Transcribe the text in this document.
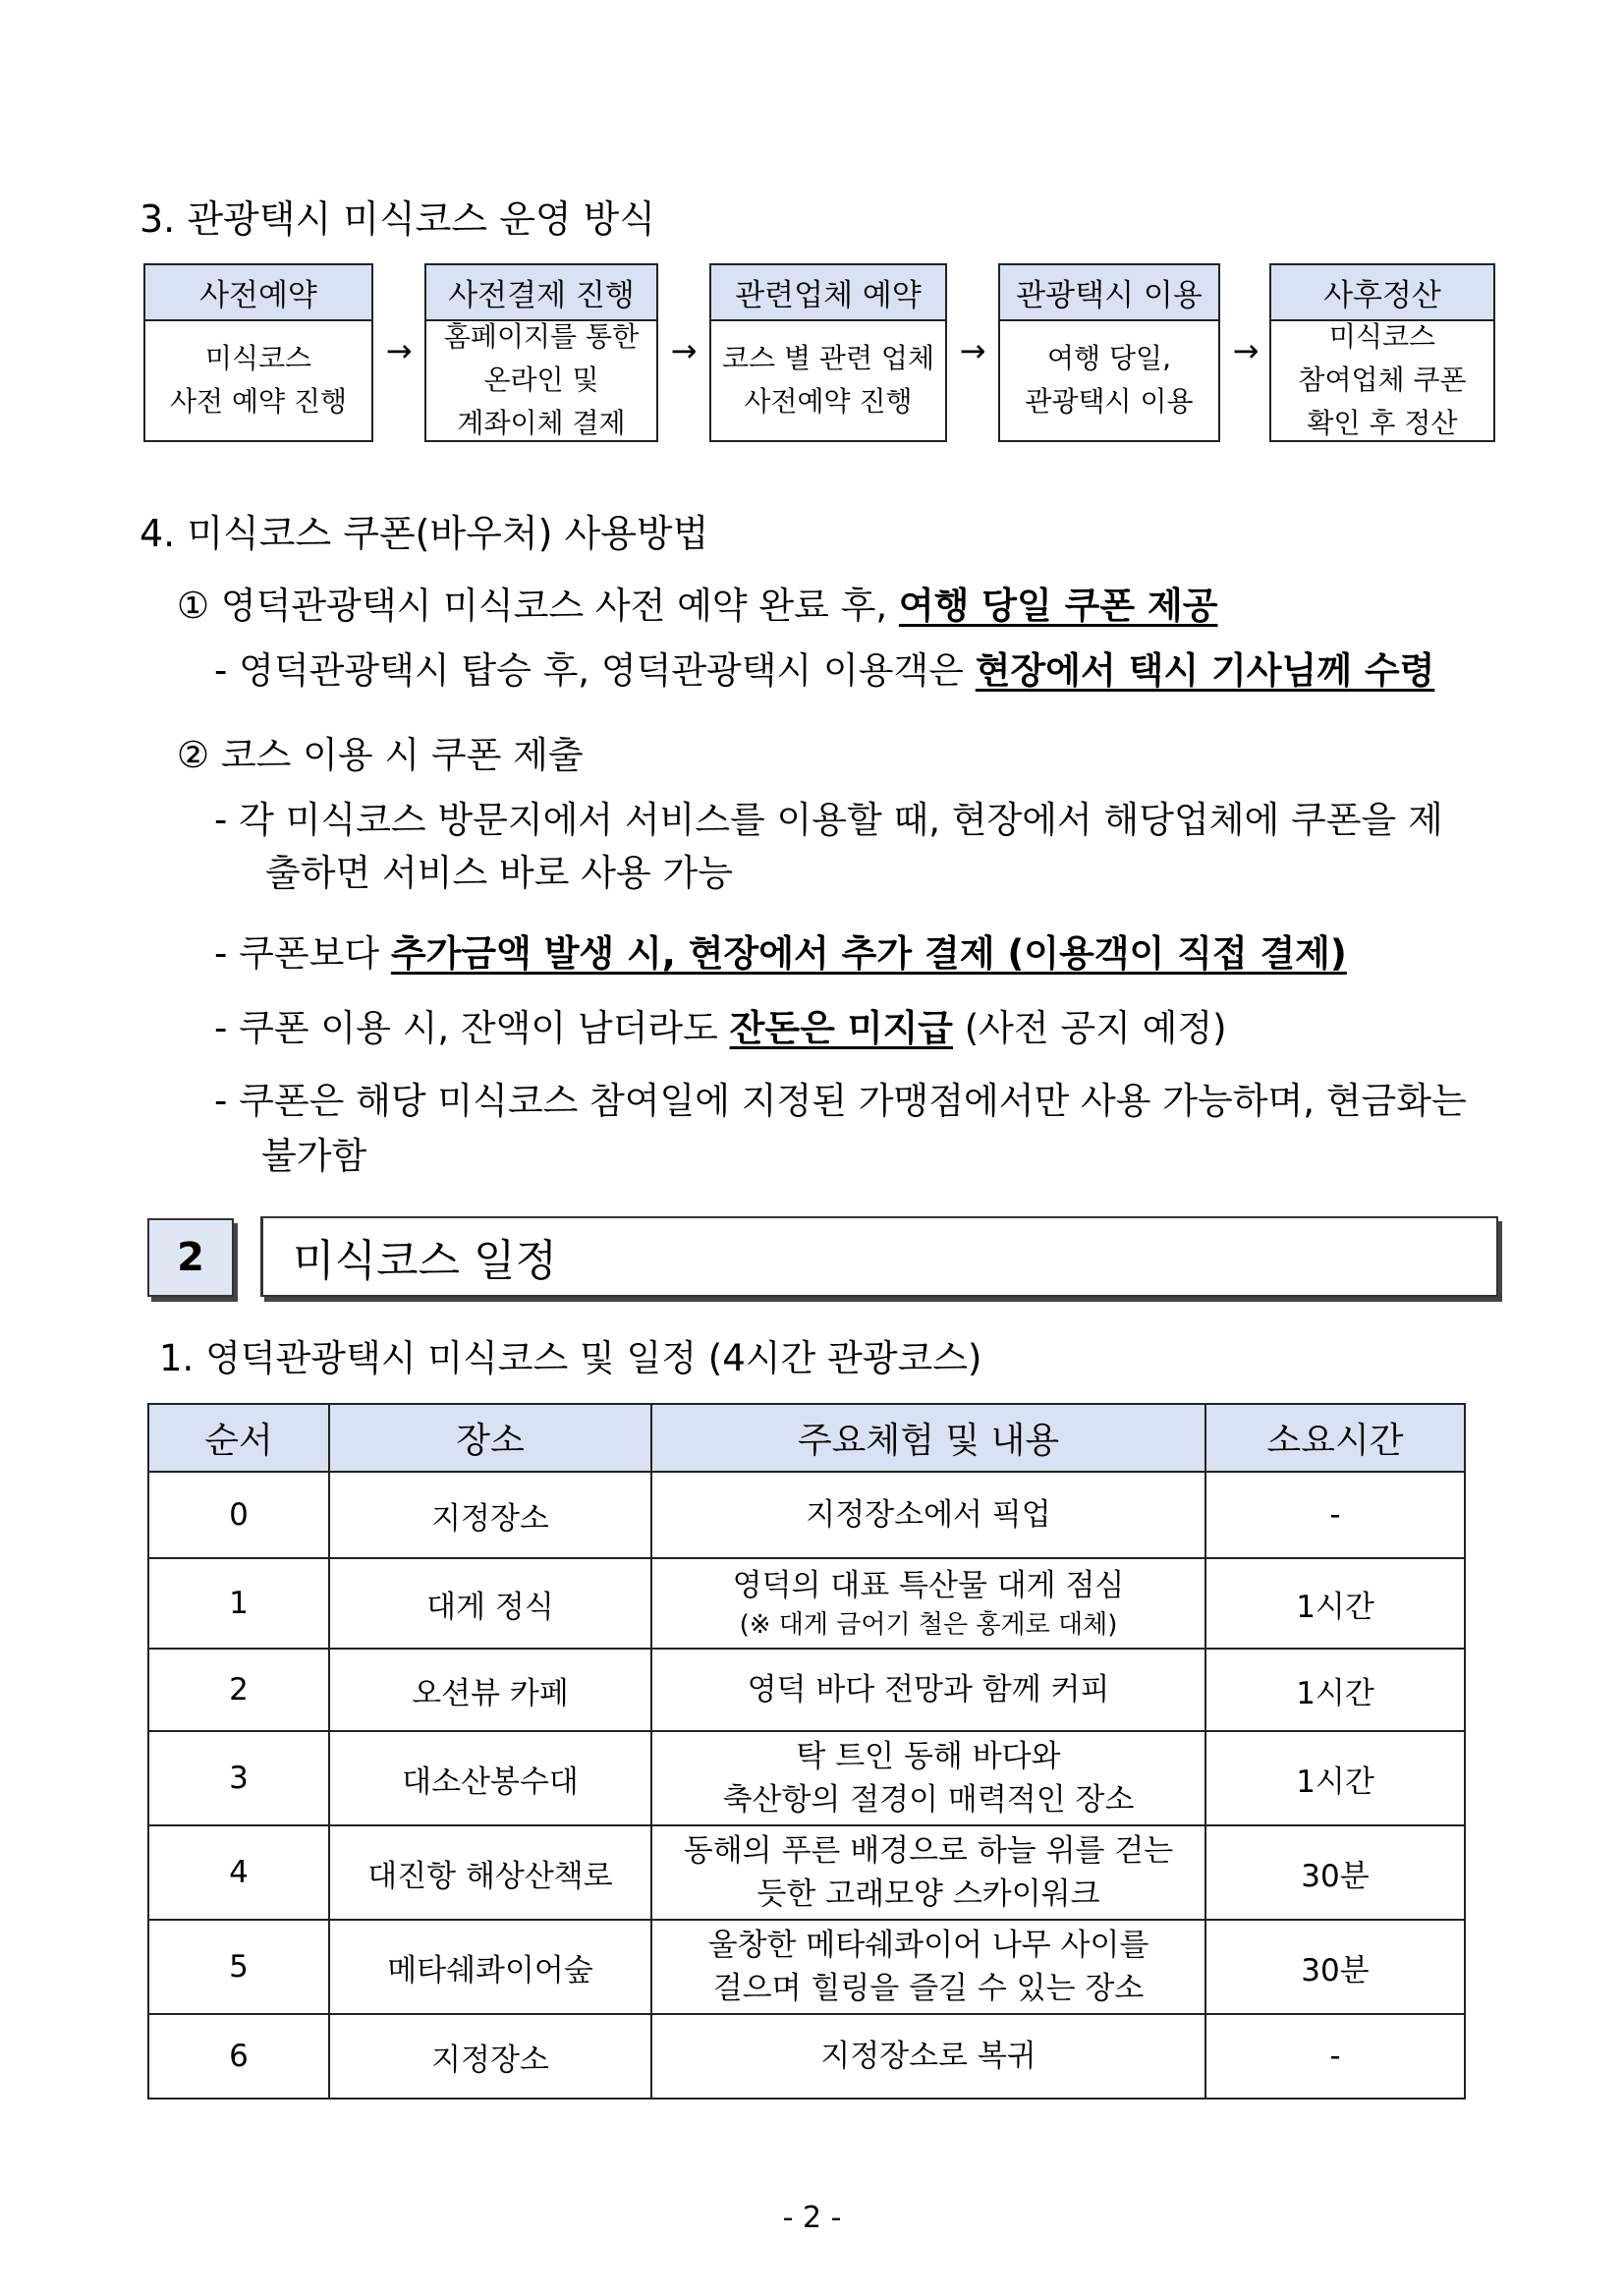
3. 관광택시 미식코스 운영 방식
사전예약
미식코스
사전 예약 진행
→
사전결제 진행
홈페이지를 통한
온라인 및
계좌이체 결제
→
관련업체 예약
코스 별 관련 업체
사전예약 진행
→
관광택시 이용
여행 당일,
관광택시 이용
→
사후정산
미식코스
참여업체 쿠폰
확인 후 정산
4. 미식코스 쿠폰(바우처) 사용방법
① 영덕관광택시 미식코스 사전 예약 완료 후, 여행 당일 쿠폰 제공
- 영덕관광택시 탑승 후, 영덕관광택시 이용객은 현장에서 택시 기사님께 수령
② 코스 이용 시 쿠폰 제출
- 각 미식코스 방문지에서 서비스를 이용할 때, 현장에서 해당업체에 쿠폰을 제
출하면 서비스 바로 사용 가능
- 쿠폰보다 추가금액 발생 시, 현장에서 추가 결제 (이용객이 직접 결제)
- 쿠폰 이용 시, 잔액이 남더라도 잔돈은 미지급 (사전 공지 예정)
- 쿠폰은 해당 미식코스 참여일에 지정된 가맹점에서만 사용 가능하며, 현금화는
불가함
2	미식코스 일정
1. 영덕관광택시 미식코스 및 일정 (4시간 관광코스)
순서	장소	주요체험 및 내용	소요시간
0	지정장소	지정장소에서 픽업	-
1	대게 정식	영덕의 대표 특산물 대게 점심
(※ 대게 금어기 철은 홍게로 대체)	1시간
2	오션뷰 카페	영덕 바다 전망과 함께 커피	1시간
3	대소산봉수대	탁 트인 동해 바다와
축산항의 절경이 매력적인 장소	1시간
4	대진항 해상산책로	동해의 푸른 배경으로 하늘 위를 걷는
듯한 고래모양 스카이워크	30분
5	메타쉐콰이어숲	울창한 메타쉐콰이어 나무 사이를
걸으며 힐링을 즐길 수 있는 장소	30분
6	지정장소	지정장소로 복귀	-
- 2 -
